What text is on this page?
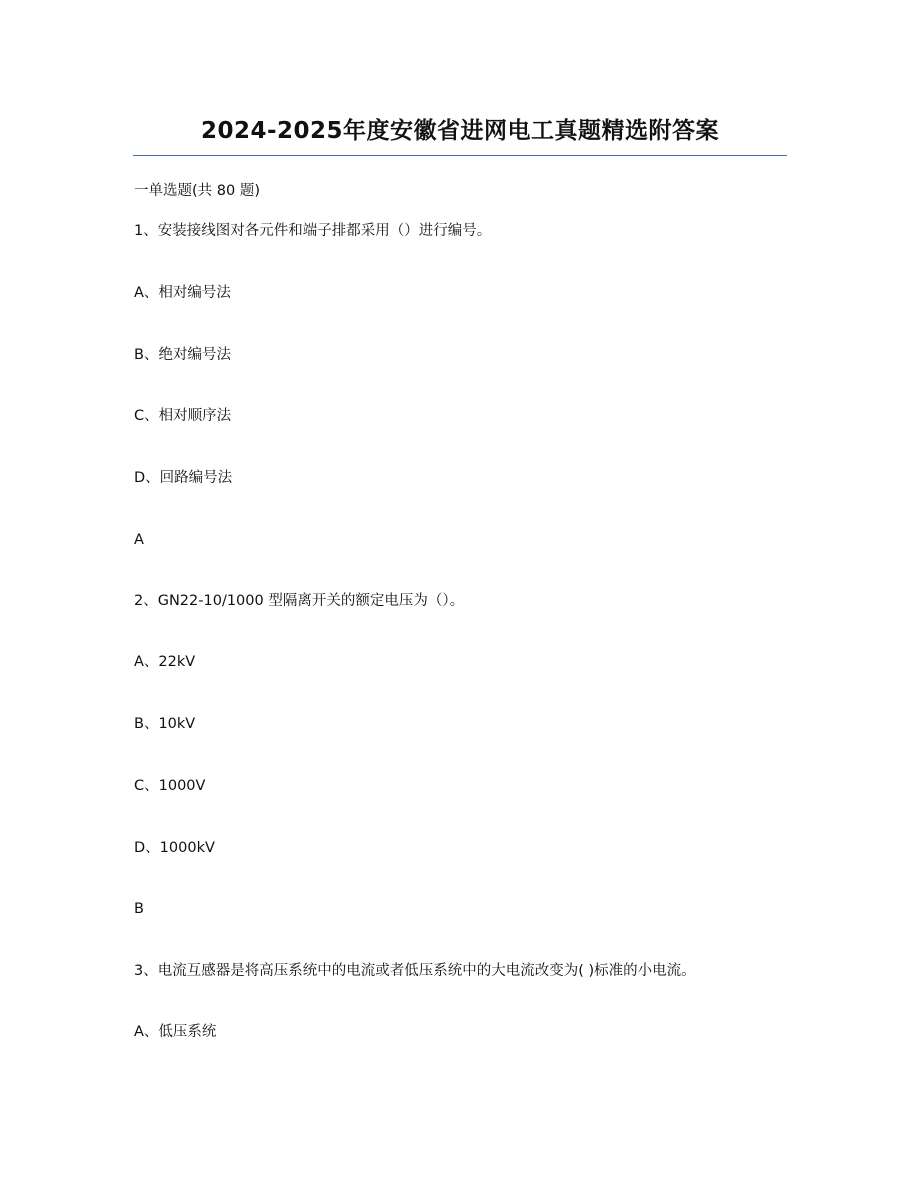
2024-2025年度安徽省进网电工真题精选附答案

一单选题(共 80 题)

1、安装接线图对各元件和端子排都采用（）进行编号。

A、相对编号法

B、绝对编号法

C、相对顺序法

D、回路编号法

A

2、GN22-10/1000 型隔离开关的额定电压为（）。

A、22kV

B、10kV

C、1000V

D、1000kV

B

3、电流互感器是将高压系统中的电流或者低压系统中的大电流改变为( )标准的小电流。

A、低压系统
